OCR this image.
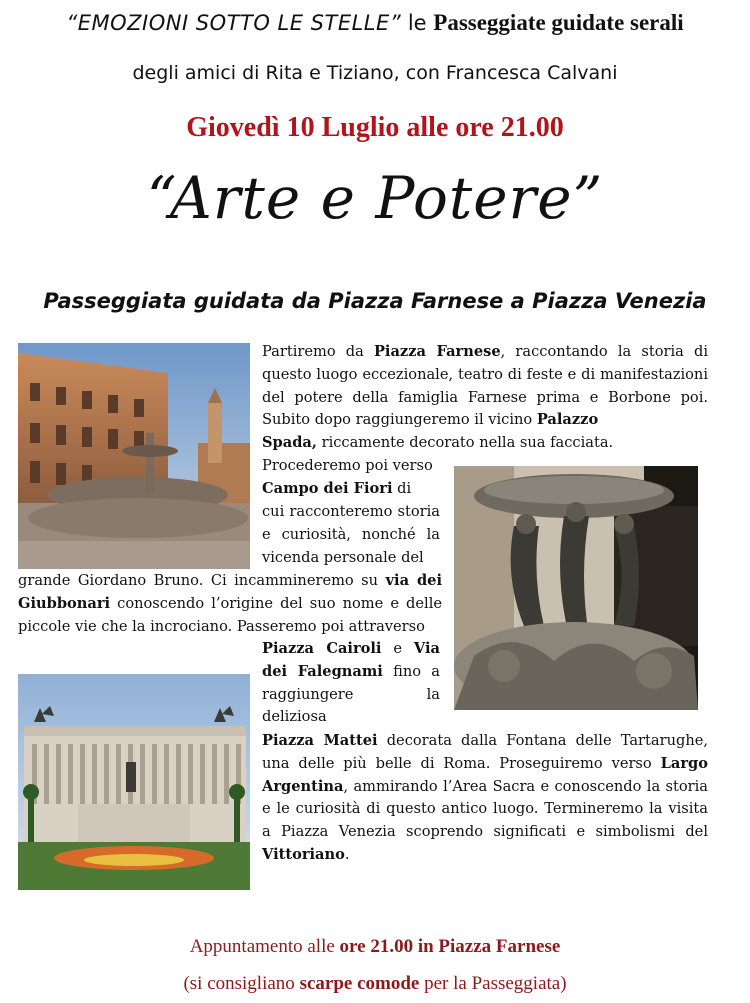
“EMOZIONI SOTTO LE STELLE” le Passeggiate guidate serali
degli amici di Rita e Tiziano, con Francesca Calvani
Giovedì 10 Luglio alle ore 21.00
“Arte e Potere”
Passeggiata guidata da Piazza Farnese a Piazza Venezia
Partiremo da Piazza Farnese, raccontando la storia di questo luogo eccezionale, teatro di feste e di manifestazioni del potere della famiglia Farnese prima e Borbone poi. Subito dopo raggiungeremo il vicino Palazzo
Spada, riccamente decorato nella sua facciata.
Procederemo poi verso
Campo dei Fiori di
cui racconteremo storia e curiosità, nonché la vicenda personale del
grande Giordano Bruno. Ci incammineremo su via dei Giubbonari conoscendo l’origine del suo nome e delle piccole vie che la incrociano. Passeremo poi attraverso
Piazza Cairoli e Via dei Falegnami fino a raggiungere la deliziosa
Piazza Mattei decorata dalla Fontana delle Tartarughe, una delle più belle di Roma. Proseguiremo verso Largo Argentina, ammirando l’Area Sacra e conoscendo la storia e le curiosità di questo antico luogo. Termineremo la visita a Piazza Venezia scoprendo significati e simbolismi del Vittoriano.
Appuntamento alle ore 21.00 in Piazza Farnese
(si consigliano scarpe comode per la Passeggiata)
